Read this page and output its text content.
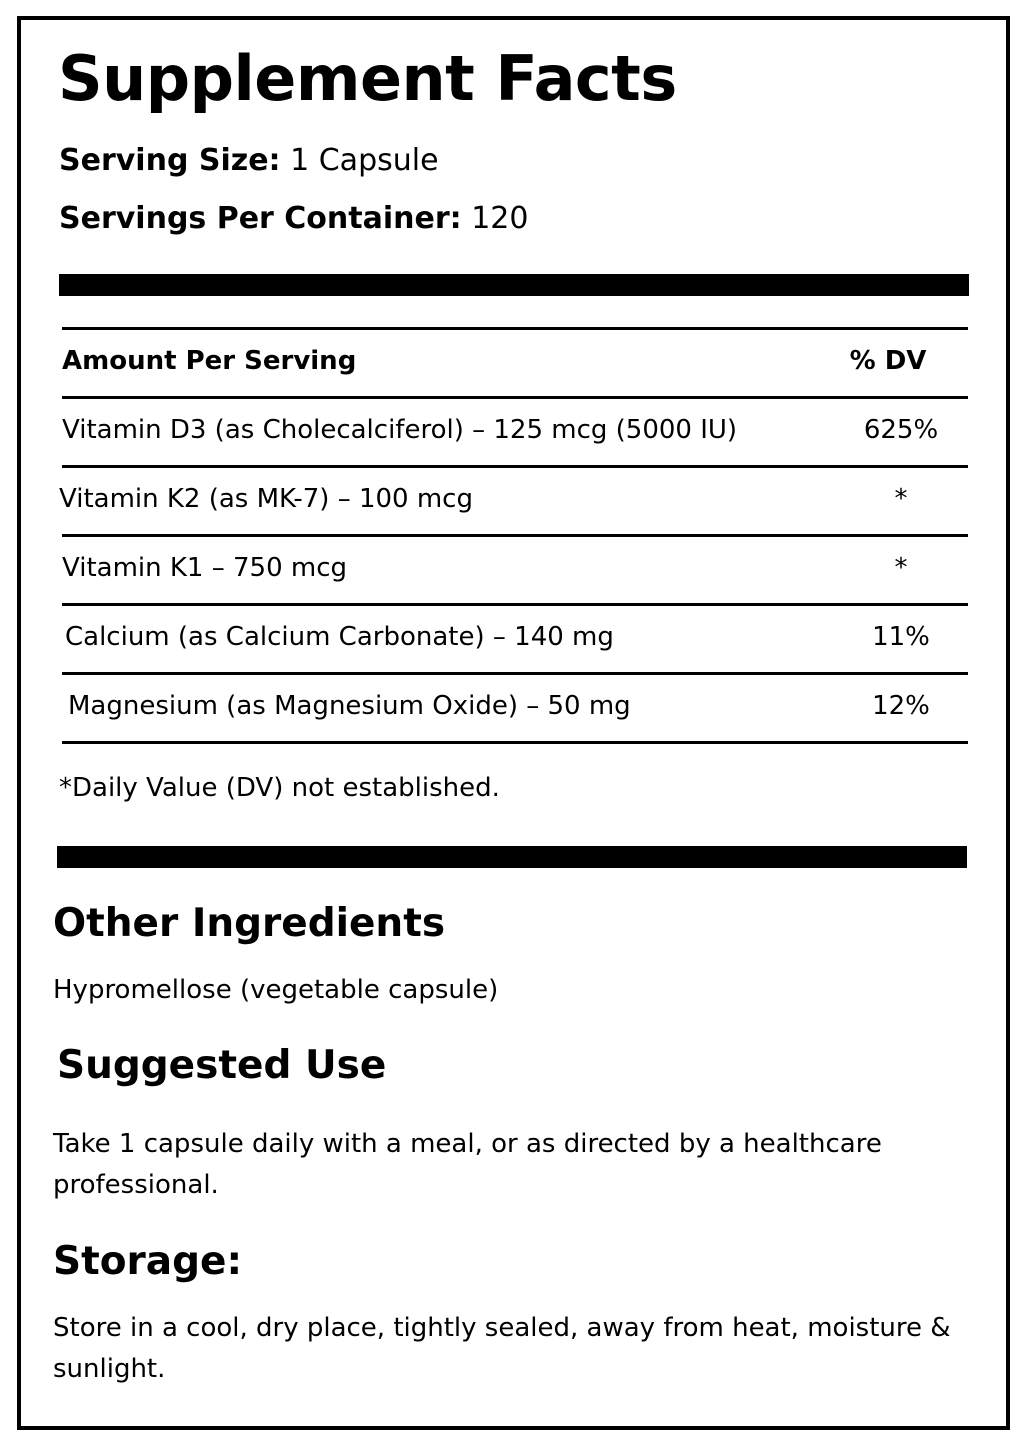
Supplement Facts
Serving Size: 1 Capsule
Servings Per Container: 120
Amount Per Serving	% DV
Vitamin D3 (as Cholecalciferol) – 125 mcg (5000 IU)	625%
Vitamin K2 (as MK-7) – 100 mcg	*
Vitamin K1 – 750 mcg	*
Calcium (as Calcium Carbonate) – 140 mg	11%
Magnesium (as Magnesium Oxide) – 50 mg	12%
*Daily Value (DV) not established.
Other Ingredients
Hypromellose (vegetable capsule)
Suggested Use
Take 1 capsule daily with a meal, or as directed by a healthcare professional.
Storage:
Store in a cool, dry place, tightly sealed, away from heat, moisture & sunlight.
